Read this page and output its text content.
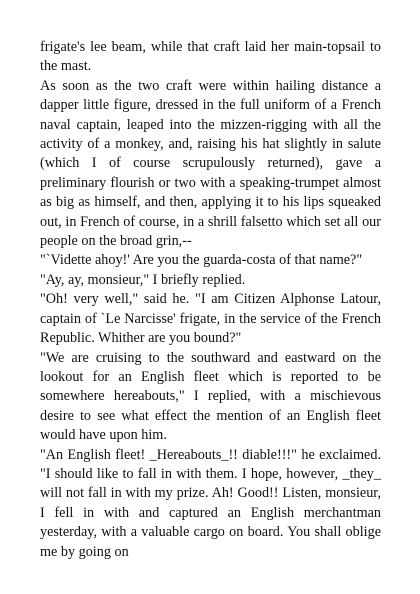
frigate's lee beam, while that craft laid her main-topsail to the mast.

As soon as the two craft were within hailing distance a dapper little figure, dressed in the full uniform of a French naval captain, leaped into the mizzen-rigging with all the activity of a monkey, and, raising his hat slightly in salute (which I of course scrupulously returned), gave a preliminary flourish or two with a speaking-trumpet almost as big as himself, and then, applying it to his lips squeaked out, in French of course, in a shrill falsetto which set all our people on the broad grin,--

"`Vidette ahoy!' Are you the guarda-costa of that name?"

"Ay, ay, monsieur," I briefly replied.

"Oh! very well," said he. "I am Citizen Alphonse Latour, captain of `Le Narcisse' frigate, in the service of the French Republic. Whither are you bound?"

"We are cruising to the southward and eastward on the lookout for an English fleet which is reported to be somewhere hereabouts," I replied, with a mischievous desire to see what effect the mention of an English fleet would have upon him.

"An English fleet! _Hereabouts_!! diable!!!" he exclaimed. "I should like to fall in with them. I hope, however, _they_ will not fall in with my prize. Ah! Good!! Listen, monsieur, I fell in with and captured an English merchantman yesterday, with a valuable cargo on board. You shall oblige me by going on
